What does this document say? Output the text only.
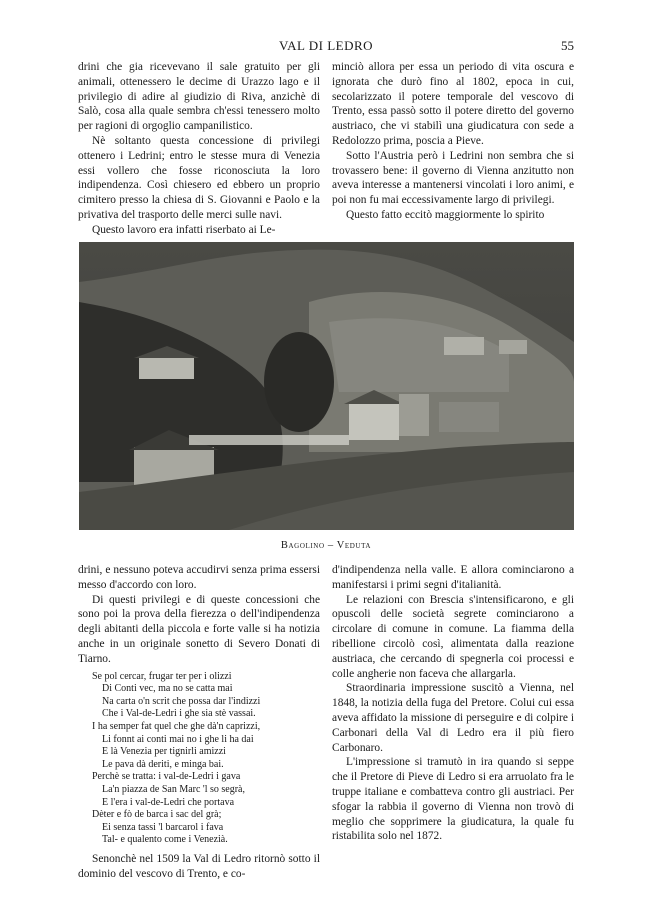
VAL DI LEDRO	55

drini che gia ricevevano il sale gratuito per gli animali, ottenessero le decime di Urazzo lago e il privilegio di adire al giudizio di Riva, anzichè di Salò, cosa alla quale sembra ch'essi tenessero molto per ragioni di orgoglio campanilistico.

Nè soltanto questa concessione di privilegi ottenero i Ledrini; entro le stesse mura di Venezia essi vollero che fosse riconosciuta la loro indipendenza. Così chiesero ed ebbero un proprio cimitero presso la chiesa di S. Giovanni e Paolo e la privativa del trasporto delle merci sulle navi.

Questo lavoro era infatti riserbato ai Le-

minciò allora per essa un periodo di vita oscura e ignorata che durò fino al 1802, epoca in cui, secolarizzato il potere temporale del vescovo di Trento, essa passò sotto il potere diretto del governo austriaco, che vi stabilì una giudicatura con sede a Redolozzo prima, poscia a Pieve.

Sotto l'Austria però i Ledrini non sembra che si trovassero bene: il governo di Vienna anzitutto non aveva interesse a mantenersi vincolati i loro animi, e poi non fu mai eccessivamente largo di privilegi.

Questo fatto eccitò maggiormente lo spirito

Bagolino – Veduta

drini, e nessuno poteva accudirvi senza prima essersi messo d'accordo con loro.

Di questi privilegi e di queste concessioni che sono poi la prova della fierezza o dell'indipendenza degli abitanti della piccola e forte valle si ha notizia anche in un originale sonetto di Severo Donati di Tiarno.

Se pol cercar, frugar ter per i olizzi
Di Conti vec, ma no se catta mai
Na carta o'n scrit che possa dar l'indizzi
Che i Val-de-Ledri i ghe sia stè vassai.
I ha semper fat quel che ghe dà'n caprizzi,
Li fonnt ai conti mai no i ghe li ha dai
E là Venezia per tignirli amizzi
Le pava dà deriti, e minga bai.
Perchè se tratta: i val-de-Ledri i gava
La'n piazza de San Marc 'l so segrà,
E l'era i val-de-Ledri che portava
Dèter e fò de barca i sac del grà;
Ei senza tassi 'l barcarol i fava
Tal- e qualento come i Venezià.

Senonchè nel 1509 la Val di Ledro ritornò sotto il dominio del vescovo di Trento, e co-

d'indipendenza nella valle. E allora cominciarono a manifestarsi i primi segni d'italianità.

Le relazioni con Brescia s'intensificarono, e gli opuscoli delle società segrete cominciarono a circolare di comune in comune. La fiamma della ribellione circolò così, alimentata dalla reazione austriaca, che cercando di spegnerla coi processi e colle angherie non faceva che allargarla.

Straordinaria impressione suscitò a Vienna, nel 1848, la notizia della fuga del Pretore. Colui cui essa aveva affidato la missione di perseguire e di colpire i Carbonari della Val di Ledro era il più fiero Carbonaro.

L'impressione si tramutò in ira quando si seppe che il Pretore di Pieve di Ledro si era arruolato fra le truppe italiane e combatteva contro gli austriaci. Per sfogar la rabbia il governo di Vienna non trovò di meglio che sopprimere la giudicatura, la quale fu ristabilita solo nel 1872.
